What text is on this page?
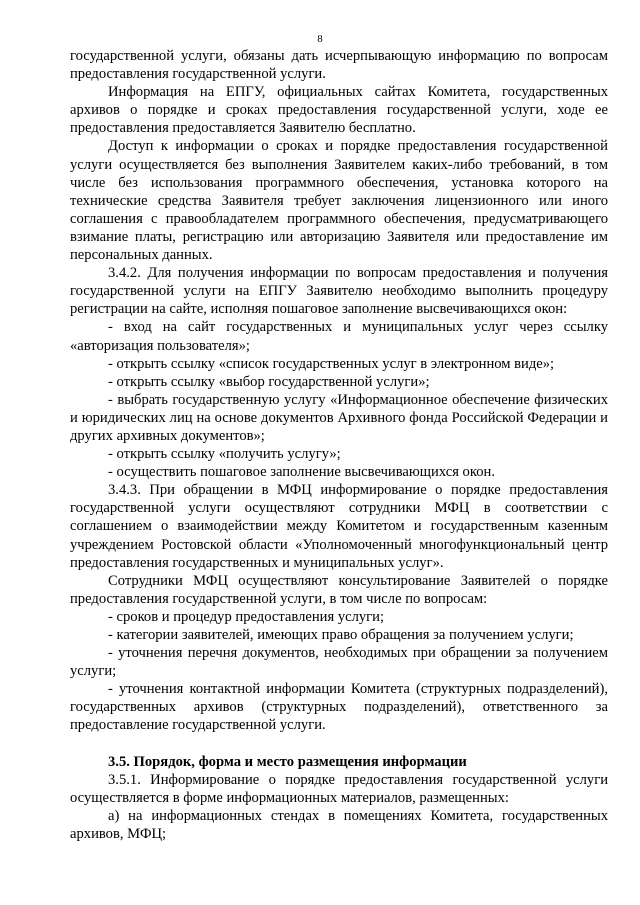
8

государственной услуги, обязаны дать исчерпывающую информацию по вопросам предоставления государственной услуги.

Информация на ЕПГУ, официальных сайтах Комитета, государственных архивов о порядке и сроках предоставления государственной услуги, ходе ее предоставления предоставляется Заявителю бесплатно.

Доступ к информации о сроках и порядке предоставления государственной услуги осуществляется без выполнения Заявителем каких-либо требований, в том числе без использования программного обеспечения, установка которого на технические средства Заявителя требует заключения лицензионного или иного соглашения с правообладателем программного обеспечения, предусматривающего взимание платы, регистрацию или авторизацию Заявителя или предоставление им персональных данных.

3.4.2. Для получения информации по вопросам предоставления и получения государственной услуги на ЕПГУ Заявителю необходимо выполнить процедуру регистрации на сайте, исполняя пошаговое заполнение высвечивающихся окон:

- вход на сайт государственных и муниципальных услуг через ссылку «авторизация пользователя»;

- открыть ссылку «список государственных услуг в электронном виде»;

- открыть ссылку «выбор государственной услуги»;

- выбрать государственную услугу «Информационное обеспечение физических и юридических лиц на основе документов Архивного фонда Российской Федерации и других архивных документов»;

- открыть ссылку «получить услугу»;

- осуществить пошаговое заполнение высвечивающихся окон.

3.4.3. При обращении в МФЦ информирование о порядке предоставления государственной услуги осуществляют сотрудники МФЦ в соответствии с соглашением о взаимодействии между Комитетом и государственным казенным учреждением Ростовской области «Уполномоченный многофункциональный центр предоставления государственных и муниципальных услуг».

Сотрудники МФЦ осуществляют консультирование Заявителей о порядке предоставления государственной услуги, в том числе по вопросам:

- сроков и процедур предоставления услуги;

- категории заявителей, имеющих право обращения за получением услуги;

- уточнения перечня документов, необходимых при обращении за получением услуги;

- уточнения контактной информации Комитета (структурных подразделений), государственных архивов (структурных подразделений), ответственного за предоставление государственной услуги.

3.5. Порядок, форма и место размещения информации

3.5.1. Информирование о порядке предоставления государственной услуги осуществляется в форме информационных материалов, размещенных:

а) на информационных стендах в помещениях Комитета, государственных архивов, МФЦ;
